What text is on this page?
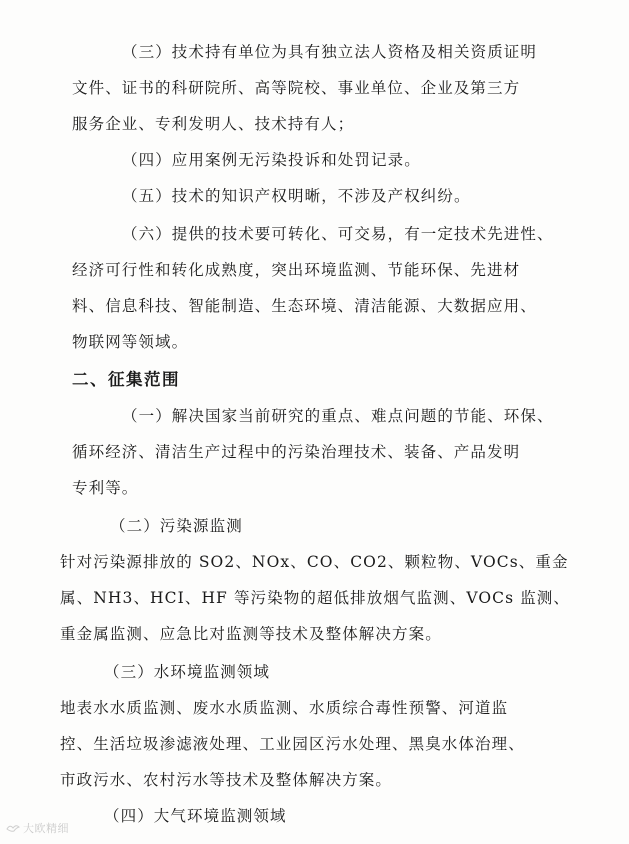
（三）技术持有单位为具有独立法人资格及相关资质证明
文件、证书的科研院所、高等院校、事业单位、企业及第三方
服务企业、专利发明人、技术持有人；
（四）应用案例无污染投诉和处罚记录。
（五）技术的知识产权明晰，不涉及产权纠纷。
（六）提供的技术要可转化、可交易，有一定技术先进性、
经济可行性和转化成熟度，突出环境监测、节能环保、先进材
料、信息科技、智能制造、生态环境、清洁能源、大数据应用、
物联网等领域。
二、征集范围
（一）解决国家当前研究的重点、难点问题的节能、环保、
循环经济、清洁生产过程中的污染治理技术、装备、产品发明
专利等。
（二）污染源监测
针对污染源排放的 SO2、NOx、CO、CO2、颗粒物、VOCs、重金
属、NH3、HCI、HF 等污染物的超低排放烟气监测、VOCs 监测、
重金属监测、应急比对监测等技术及整体解决方案。
（三）水环境监测领域
地表水水质监测、废水水质监测、水质综合毒性预警、河道监
控、生活垃圾渗滤液处理、工业园区污水处理、黑臭水体治理、
市政污水、农村污水等技术及整体解决方案。
（四）大气环境监测领域
大欧精细
